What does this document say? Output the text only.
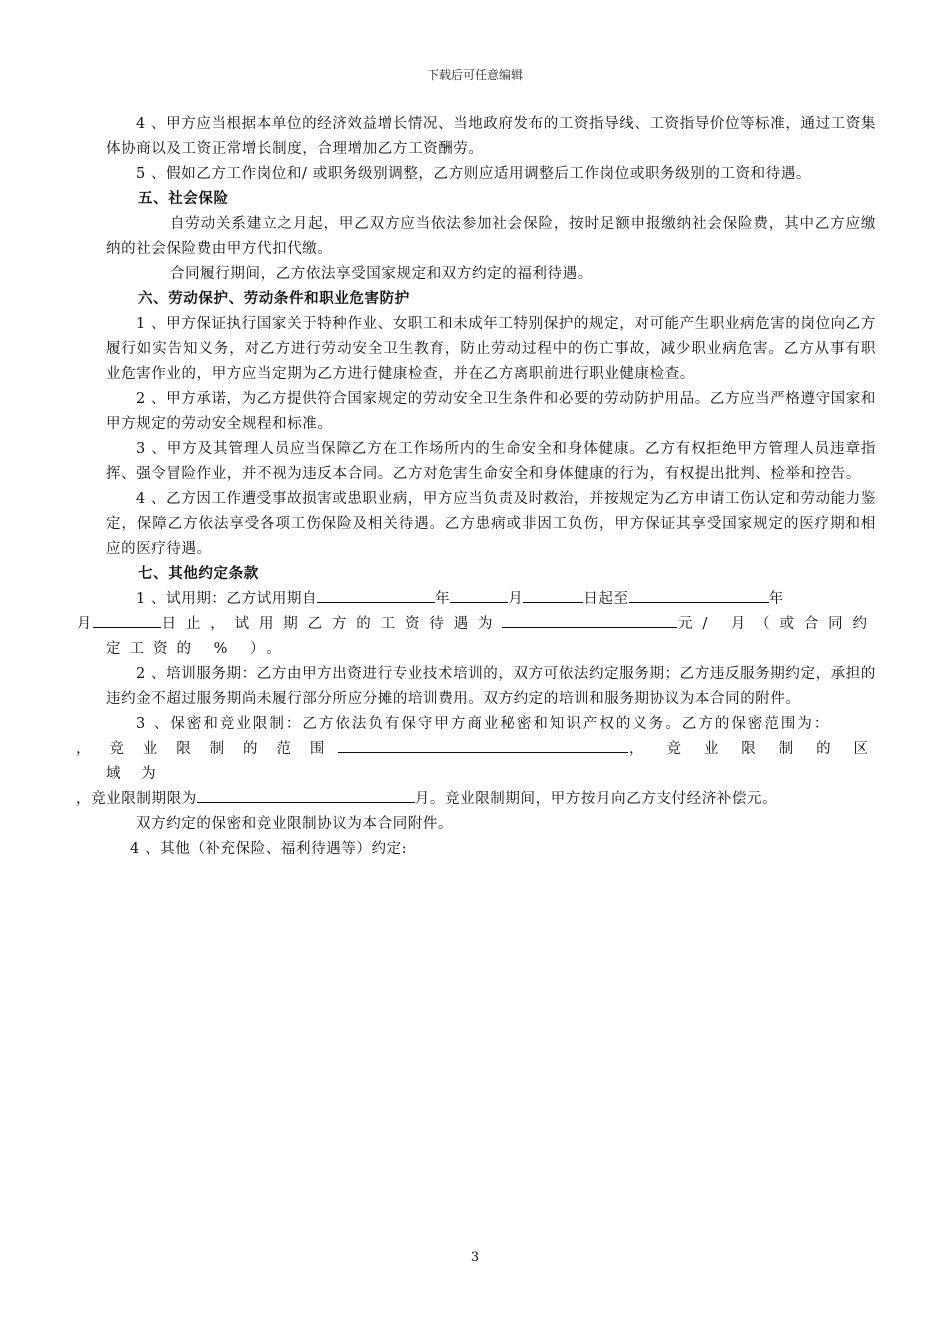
下载后可任意编辑

4 、甲方应当根据本单位的经济效益增长情况、当地政府发布的工资指导线、工资指导价位等标准，通过工资集体协商以及工资正常增长制度，合理增加乙方工资酬劳。

5 、假如乙方工作岗位和/ 或职务级别调整，乙方则应适用调整后工作岗位或职务级别的工资和待遇。

五、社会保险

自劳动关系建立之月起，甲乙双方应当依法参加社会保险，按时足额申报缴纳社会保险费，其中乙方应缴纳的社会保险费由甲方代扣代缴。

合同履行期间，乙方依法享受国家规定和双方约定的福利待遇。

六、劳动保护、劳动条件和职业危害防护

1 、甲方保证执行国家关于特种作业、女职工和未成年工特别保护的规定，对可能产生职业病危害的岗位向乙方履行如实告知义务，对乙方进行劳动安全卫生教育，防止劳动过程中的伤亡事故，减少职业病危害。乙方从事有职业危害作业的，甲方应当定期为乙方进行健康检查，并在乙方离职前进行职业健康检查。

2 、甲方承诺，为乙方提供符合国家规定的劳动安全卫生条件和必要的劳动防护用品。乙方应当严格遵守国家和甲方规定的劳动安全规程和标准。

3 、甲方及其管理人员应当保障乙方在工作场所内的生命安全和身体健康。乙方有权拒绝甲方管理人员违章指挥、强令冒险作业，并不视为违反本合同。乙方对危害生命安全和身体健康的行为，有权提出批判、检举和控告。

4 、乙方因工作遭受事故损害或患职业病，甲方应当负责及时救治，并按规定为乙方申请工伤认定和劳动能力鉴定，保障乙方依法享受各项工伤保险及相关待遇。乙方患病或非因工负伤，甲方保证其享受国家规定的医疗期和相应的医疗待遇。

七、其他约定条款

1 、试用期：乙方试用期自	年	月	日起至	年
月	日止，试用期乙方的工资待遇为	元/ 月（或合同约定工资的 % ）。

2 、培训服务期：乙方由甲方出资进行专业技术培训的，双方可依法约定服务期；乙方违反服务期约定，承担的违约金不超过服务期尚未履行部分所应分摊的培训费用。双方约定的培训和服务期协议为本合同的附件。

3 、保密和竞业限制：乙方依法负有保守甲方商业秘密和知识产权的义务。乙方的保密范围为：
， 竞 业 限 制 的 范 围	， 竞 业 限 制 的 区 域 为
，竞业限制期限为	月。竞业限制期间，甲方按月向乙方支付经济补偿元。

双方约定的保密和竞业限制协议为本合同附件。

4 、其他（补充保险、福利待遇等）约定:

3
